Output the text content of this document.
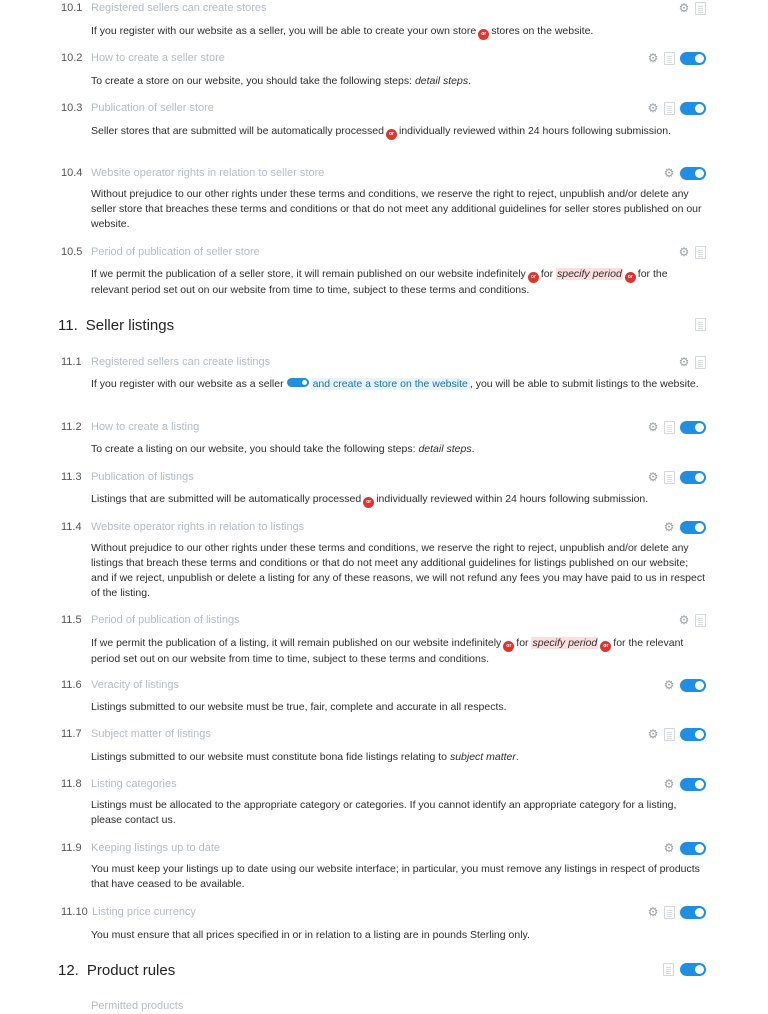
10.1 Registered sellers can create stores	⚙
If you register with our website as a seller, you will be able to create your own store or stores on the website.
10.2 How to create a seller store	⚙
To create a store on our website, you should take the following steps: detail steps.
10.3 Publication of seller store	⚙
Seller stores that are submitted will be automatically processed or individually reviewed within 24 hours following submission.
10.4 Website operator rights in relation to seller store	⚙
Without prejudice to our other rights under these terms and conditions, we reserve the right to reject, unpublish and/or delete any seller store that breaches these terms and conditions or that do not meet any additional guidelines for seller stores published on our website.
10.5 Period of publication of seller store	⚙
If we permit the publication of a seller store, it will remain published on our website indefinitely or for specify period or for the relevant period set out on our website from time to time, subject to these terms and conditions.
11. Seller listings
11.1 Registered sellers can create listings	⚙
If you register with our website as a seller	and create a store on the website , you will be able to submit listings to the website.
11.2 How to create a listing	⚙
To create a listing on our website, you should take the following steps: detail steps.
11.3 Publication of listings	⚙
Listings that are submitted will be automatically processed or individually reviewed within 24 hours following submission.
11.4 Website operator rights in relation to listings	⚙
Without prejudice to our other rights under these terms and conditions, we reserve the right to reject, unpublish and/or delete any listings that breach these terms and conditions or that do not meet any additional guidelines for listings published on our website; and if we reject, unpublish or delete a listing for any of these reasons, we will not refund any fees you may have paid to us in respect of the listing.
11.5 Period of publication of listings	⚙
If we permit the publication of a listing, it will remain published on our website indefinitely or for specify period or for the relevant period set out on our website from time to time, subject to these terms and conditions.
11.6 Veracity of listings	⚙
Listings submitted to our website must be true, fair, complete and accurate in all respects.
11.7 Subject matter of listings	⚙
Listings submitted to our website must constitute bona fide listings relating to subject matter.
11.8 Listing categories	⚙
Listings must be allocated to the appropriate category or categories. If you cannot identify an appropriate category for a listing, please contact us.
11.9 Keeping listings up to date	⚙
You must keep your listings up to date using our website interface; in particular, you must remove any listings in respect of products that have ceased to be available.
11.10 Listing price currency	⚙
You must ensure that all prices specified in or in relation to a listing are in pounds Sterling only.
12. Product rules
Permitted products
